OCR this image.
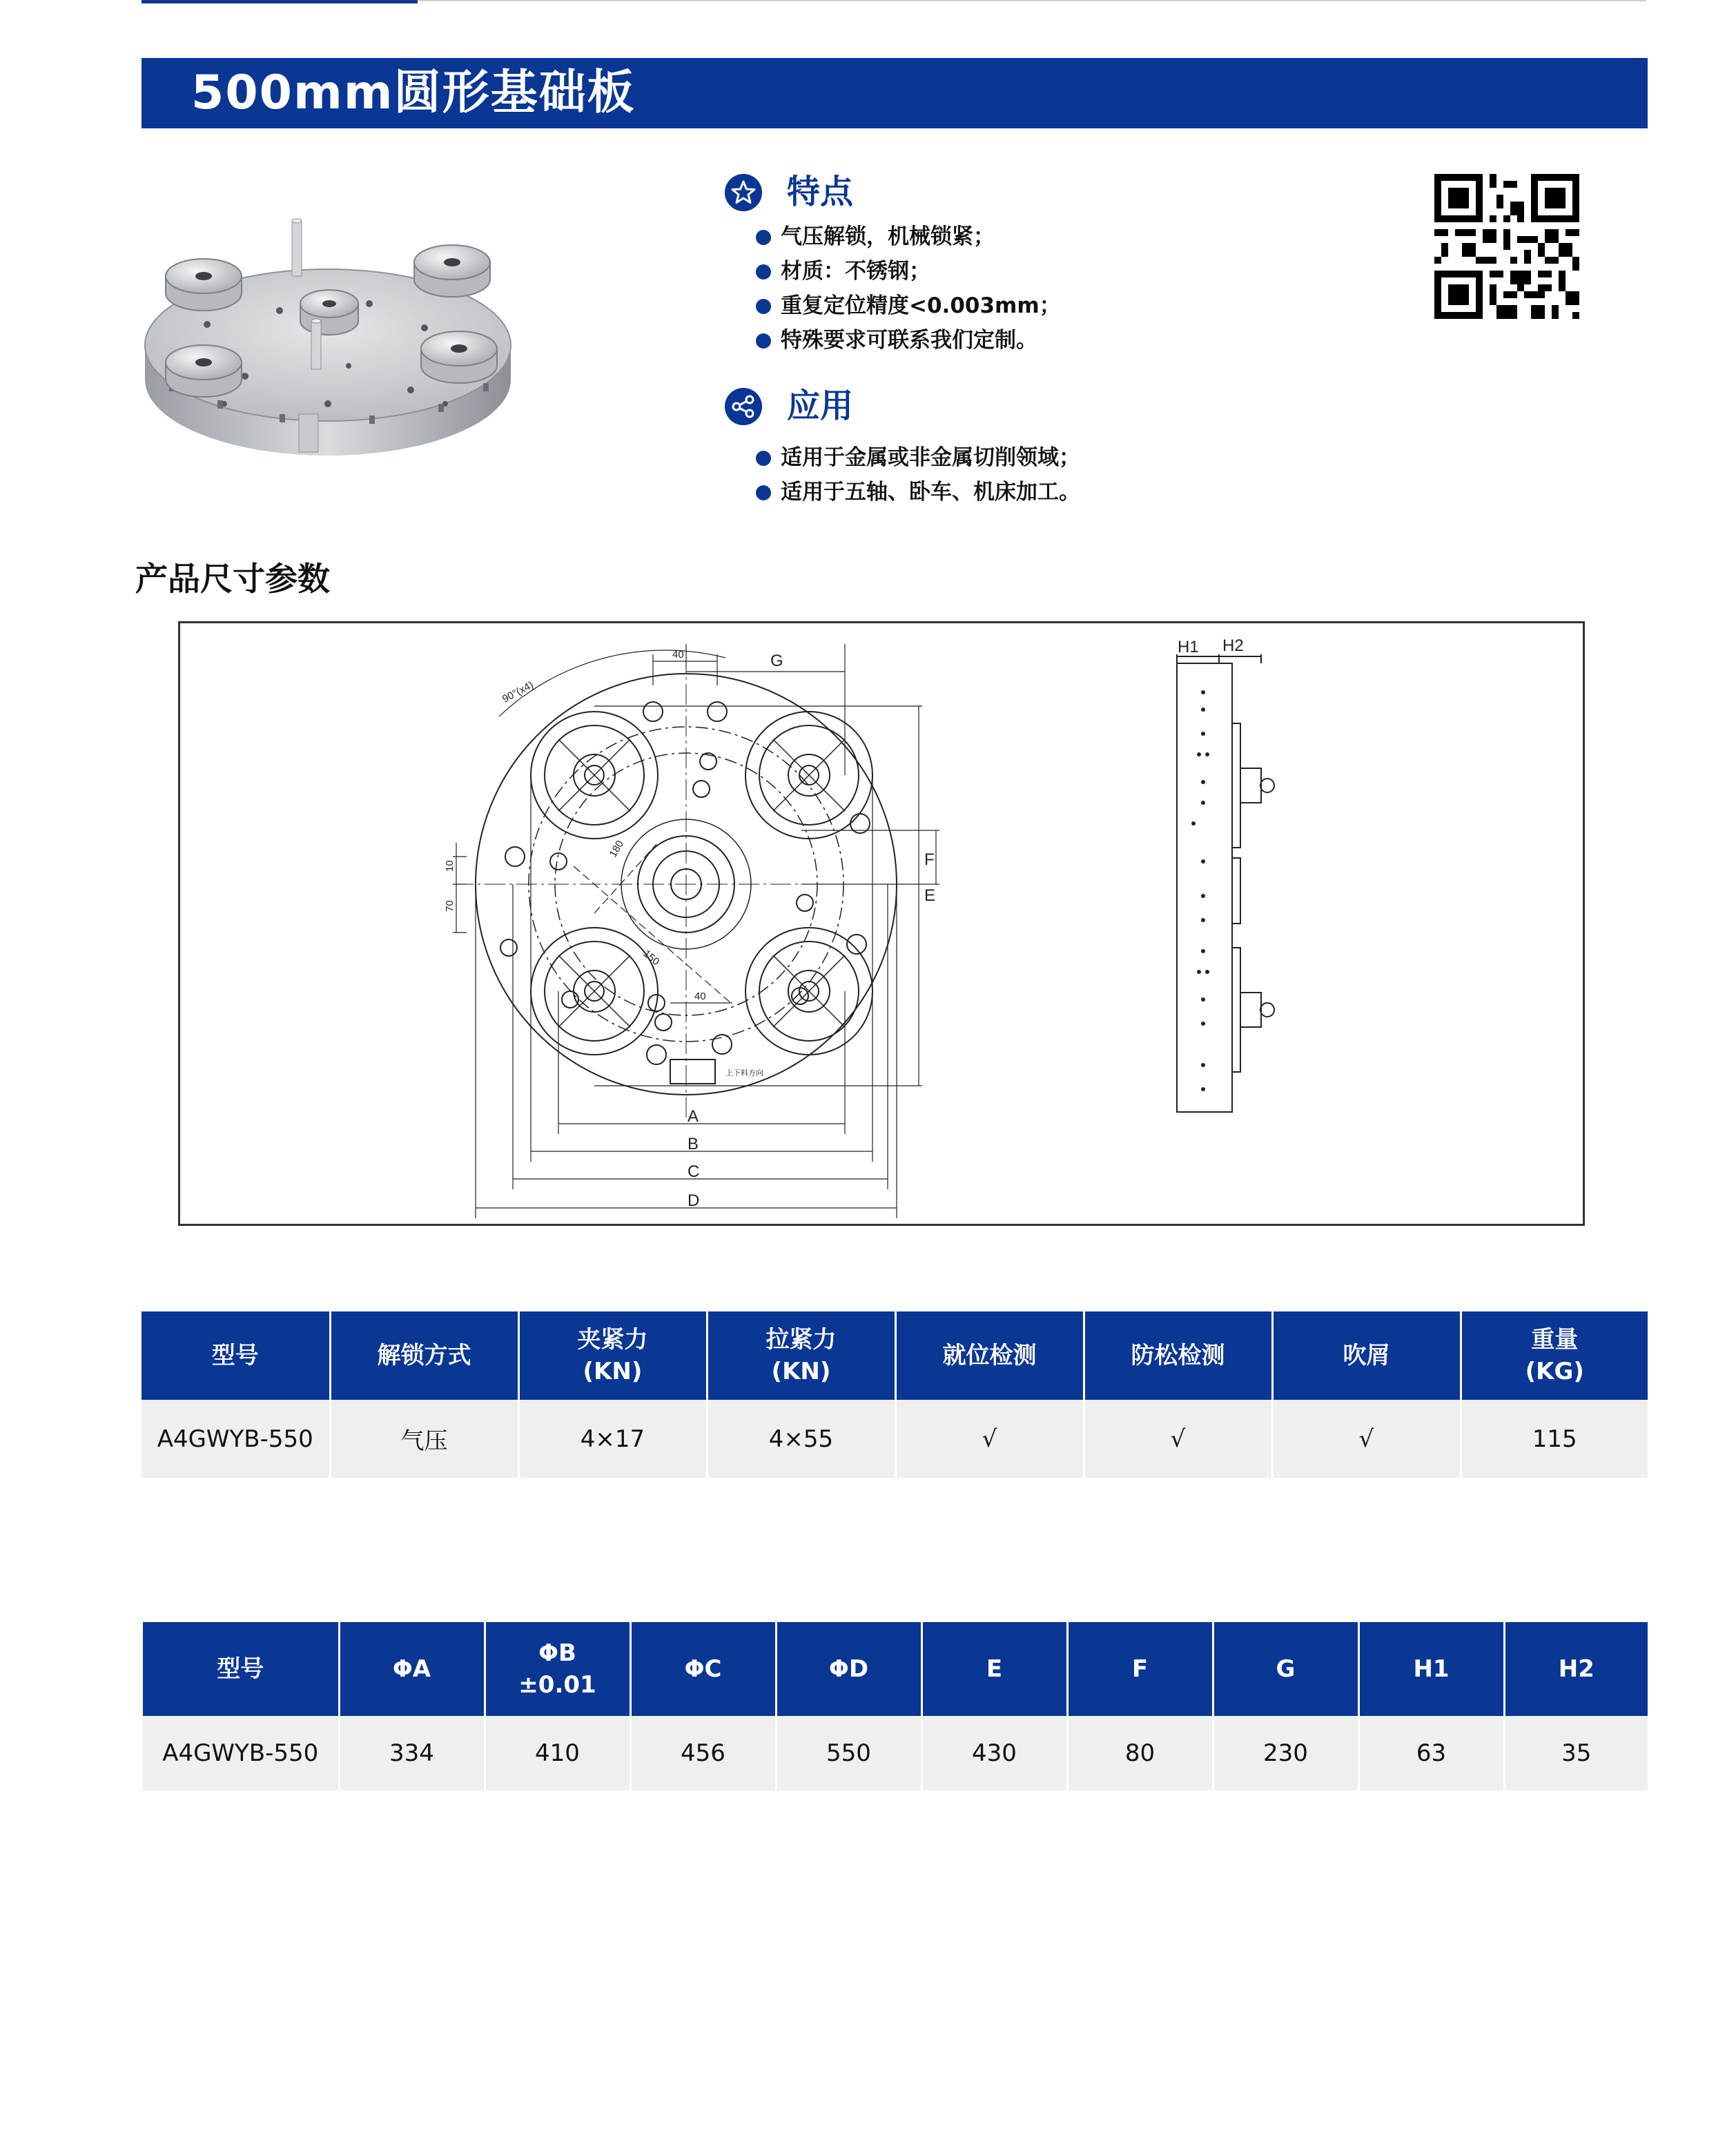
500mm圆形基础板
特点
气压解锁，机械锁紧；
材质：不锈钢；
重复定位精度<0.003mm；
特殊要求可联系我们定制。
应用
适用于金属或非金属切削领域；
适用于五轴、卧车、机床加工。
产品尺寸参数
A
B
C
D
E
F
G
H1 H2
90°(x4)
40
40
180
150
10
70
上下料方向
型号	解锁方式	夹紧力
(KN)	拉紧力
(KN)	就位检测	防松检测	吹屑	重量
(KG)
A4GWYB-550	气压	4×17	4×55	√	√	√	115
型号	ΦA	ΦB
±0.01	ΦC	ΦD	E	F	G	H1	H2
A4GWYB-550	334	410	456	550	430	80	230	63	35
